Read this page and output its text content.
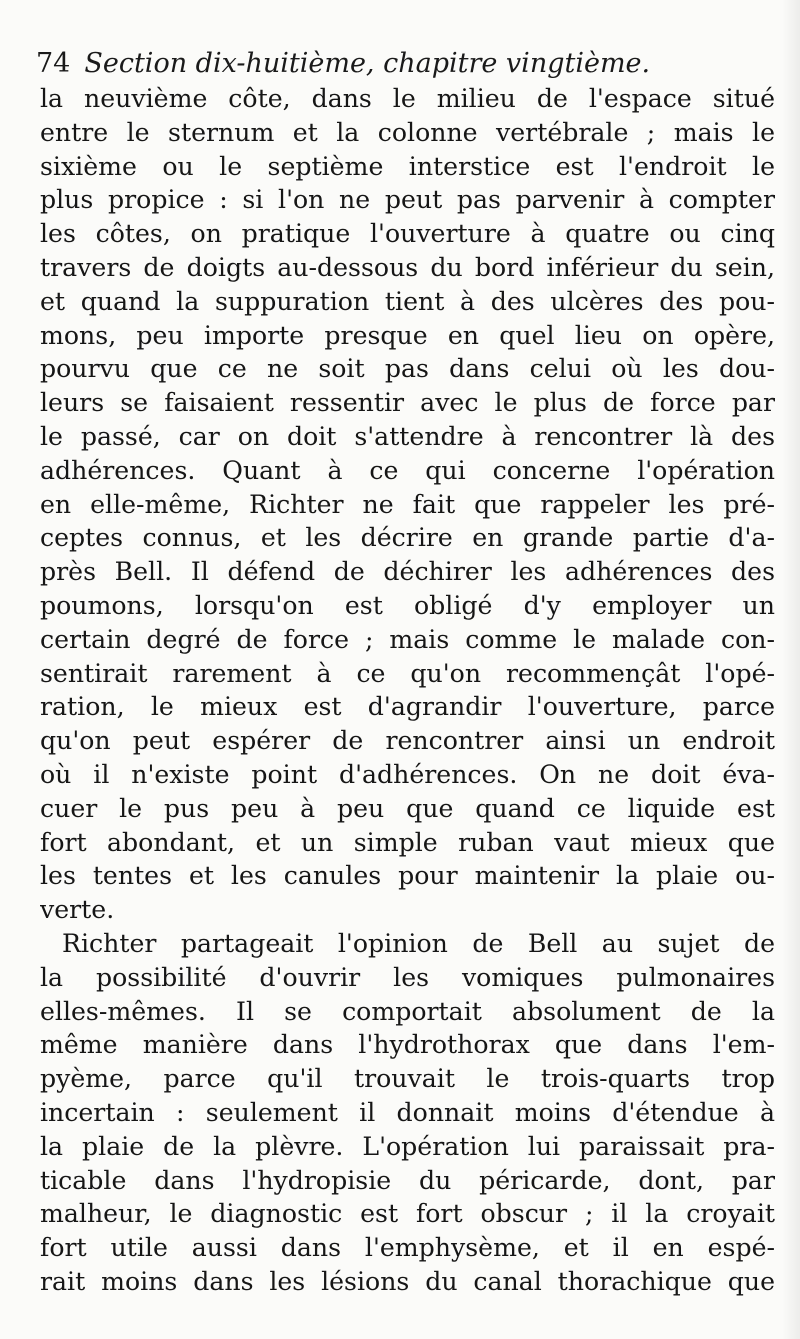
74 Section dix-huitième, chapitre vingtième.
la neuvième côte, dans le milieu de l'espace situé
entre le sternum et la colonne vertébrale ; mais le
sixième ou le septième interstice est l'endroit le
plus propice : si l'on ne peut pas parvenir à compter
les côtes, on pratique l'ouverture à quatre ou cinq
travers de doigts au-dessous du bord inférieur du sein,
et quand la suppuration tient à des ulcères des pou-
mons, peu importe presque en quel lieu on opère,
pourvu que ce ne soit pas dans celui où les dou-
leurs se faisaient ressentir avec le plus de force par
le passé, car on doit s'attendre à rencontrer là des
adhérences. Quant à ce qui concerne l'opération
en elle-même, Richter ne fait que rappeler les pré-
ceptes connus, et les décrire en grande partie d'a-
près Bell. Il défend de déchirer les adhérences des
poumons, lorsqu'on est obligé d'y employer un
certain degré de force ; mais comme le malade con-
sentirait rarement à ce qu'on recommençât l'opé-
ration, le mieux est d'agrandir l'ouverture, parce
qu'on peut espérer de rencontrer ainsi un endroit
où il n'existe point d'adhérences. On ne doit éva-
cuer le pus peu à peu que quand ce liquide est
fort abondant, et un simple ruban vaut mieux que
les tentes et les canules pour maintenir la plaie ou-
verte.
Richter partageait l'opinion de Bell au sujet de
la possibilité d'ouvrir les vomiques pulmonaires
elles-mêmes. Il se comportait absolument de la
même manière dans l'hydrothorax que dans l'em-
pyème, parce qu'il trouvait le trois-quarts trop
incertain : seulement il donnait moins d'étendue à
la plaie de la plèvre. L'opération lui paraissait pra-
ticable dans l'hydropisie du péricarde, dont, par
malheur, le diagnostic est fort obscur ; il la croyait
fort utile aussi dans l'emphysème, et il en espé-
rait moins dans les lésions du canal thorachique que
